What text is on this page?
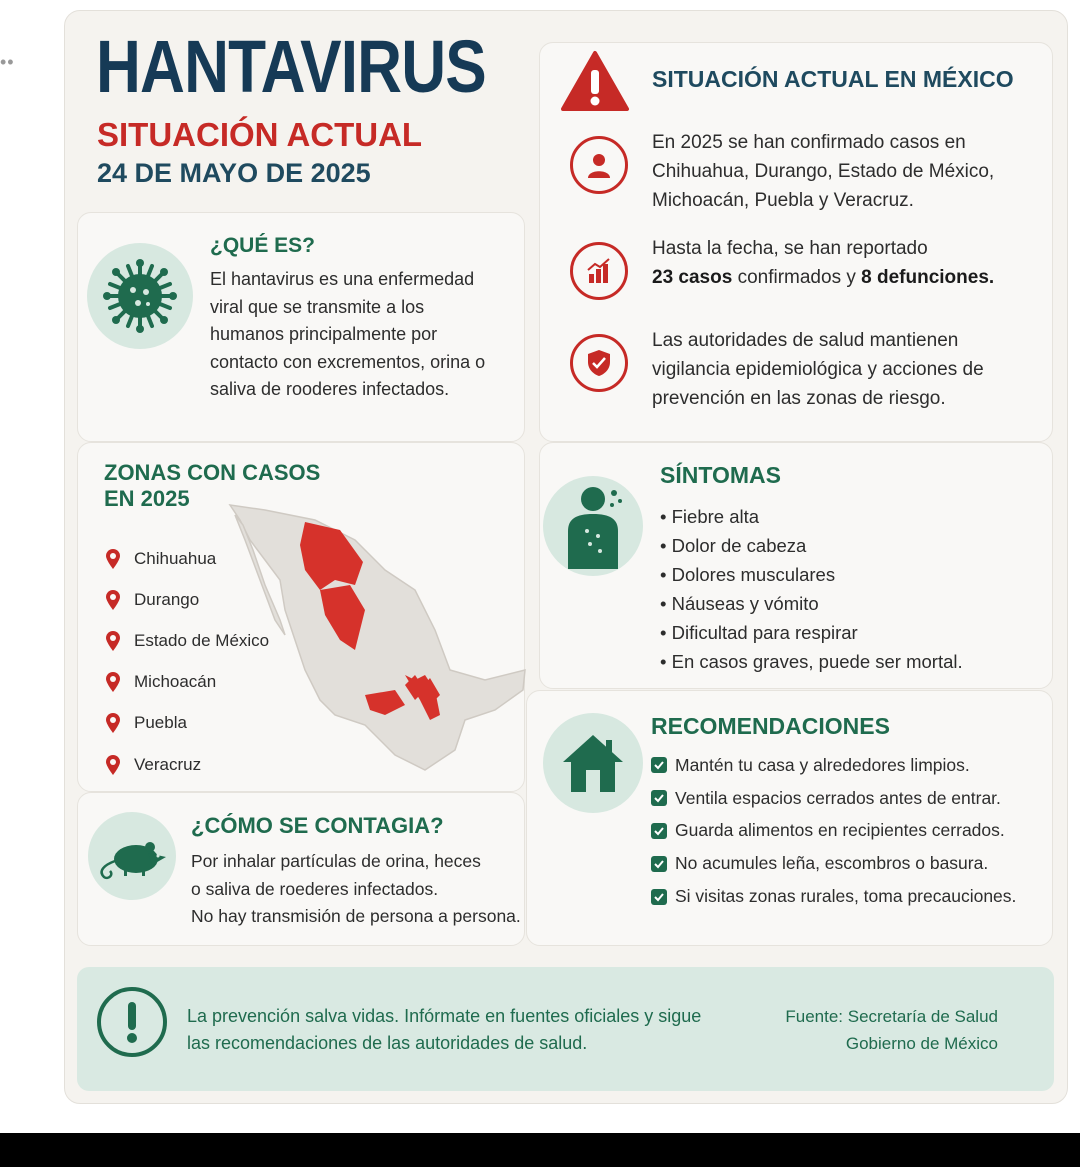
•• HANTAVIRUS
SITUACIÓN ACTUAL
24 DE MAYO DE 2025
¿QUÉ ES?
El hantavirus es una enfermedad viral que se transmite a los humanos principalmente por contacto con excrementos, orina o saliva de rooderes infectados.
SITUACIÓN ACTUAL EN MÉXICO
En 2025 se han confirmado casos en Chihuahua, Durango, Estado de México, Michoacán, Puebla y Veracruz.
Hasta la fecha, se han reportado
23 casos confirmados y 8 defunciones.
Las autoridades de salud mantienen vigilancia epidemiológica y acciones de prevención en las zonas de riesgo.
ZONAS CON CASOS
EN 2025
Chihuahua
Durango
Estado de México
Michoacán
Puebla
Veracruz
SÍNTOMAS
• Fiebre alta
• Dolor de cabeza
• Dolores musculares
• Náuseas y vómito
• Dificultad para respirar
• En casos graves, puede ser mortal.
¿CÓMO SE CONTAGIA?
Por inhalar partículas de orina, heces
o saliva de roederes infectados.
No hay transmisión de persona a persona.
RECOMENDACIONES
Mantén tu casa y alrededores limpios.
Ventila espacios cerrados antes de entrar.
Guarda alimentos en recipientes cerrados.
No acumules leña, escombros o basura.
Si visitas zonas rurales, toma precauciones.
La prevención salva vidas. Infórmate en fuentes oficiales y sigue las recomendaciones de las autoridades de salud.
Fuente: Secretaría de Salud
Gobierno de México
